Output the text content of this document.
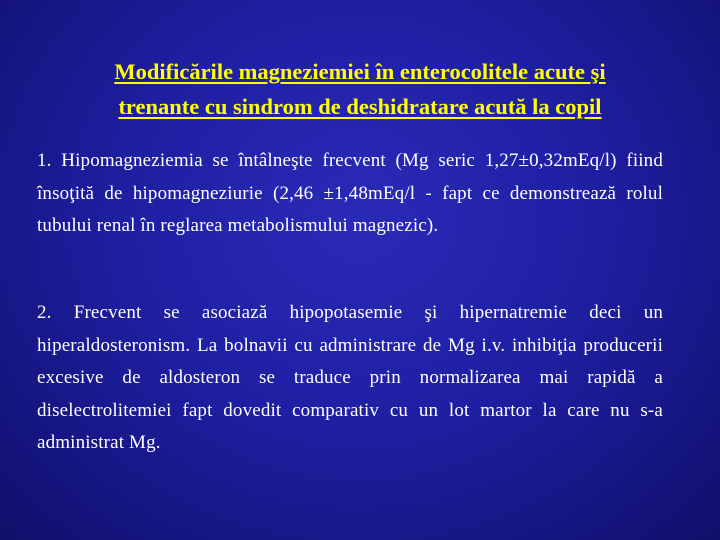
Modificările magneziemiei în enterocolitele acute şi
trenante cu sindrom de deshidratare acută la copil
1. Hipomagneziemia se întâlneşte frecvent (Mg seric 1,27±0,32mEq/l) fiind însoţită de hipomagneziurie (2,46 ±1,48mEq/l - fapt ce demonstrează rolul tubului renal în reglarea metabolismului magnezic).
2. Frecvent se asociază hipopotasemie şi hipernatremie deci un hiperaldosteronism. La bolnavii cu administrare de Mg i.v. inhibiţia producerii excesive de aldosteron se traduce prin normalizarea mai rapidă a diselectrolitemiei fapt dovedit comparativ cu un lot martor la care nu s-a administrat Mg.
